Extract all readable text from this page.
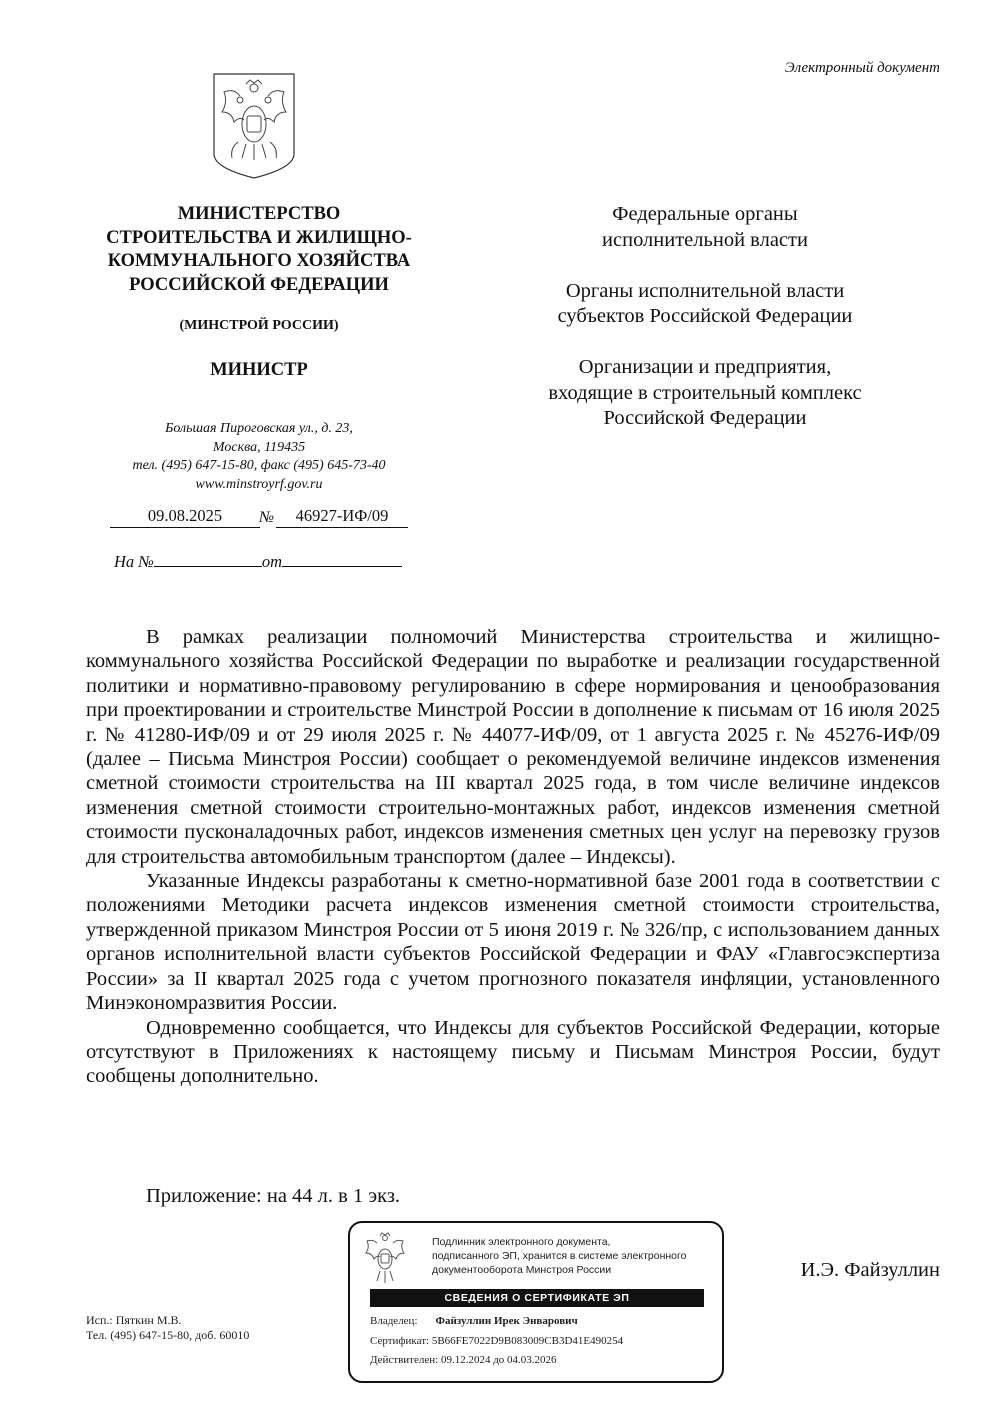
Электронный документ
МИНИСТЕРСТВО
СТРОИТЕЛЬСТВА И ЖИЛИЩНО-
КОММУНАЛЬНОГО ХОЗЯЙСТВА
РОССИЙСКОЙ ФЕДЕРАЦИИ
(МИНСТРОЙ РОССИИ)
МИНИСТР
Большая Пироговская ул., д. 23,
Москва, 119435
тел. (495) 647-15-80, факс (495) 645-73-40
www.minstroyrf.gov.ru
09.08.2025	№	46927-ИФ/09
На №	от
Федеральные органы
исполнительной власти
Органы исполнительной власти
субъектов Российской Федерации
Организации и предприятия,
входящие в строительный комплекс
Российской Федерации

В рамках реализации полномочий Министерства строительства и жилищно-коммунального хозяйства Российской Федерации по выработке и реализации государственной политики и нормативно-правовому регулированию в сфере нормирования и ценообразования при проектировании и строительстве Минстрой России в дополнение к письмам от 16 июля 2025 г. № 41280-ИФ/09 и от 29 июля 2025 г. № 44077-ИФ/09, от 1 августа 2025 г. № 45276-ИФ/09 (далее – Письма Минстроя России) сообщает о рекомендуемой величине индексов изменения сметной стоимости строительства на III квартал 2025 года, в том числе величине индексов изменения сметной стоимости строительно-монтажных работ, индексов изменения сметной стоимости пусконаладочных работ, индексов изменения сметных цен услуг на перевозку грузов для строительства автомобильным транспортом (далее – Индексы).

Указанные Индексы разработаны к сметно-нормативной базе 2001 года в соответствии с положениями Методики расчета индексов изменения сметной стоимости строительства, утвержденной приказом Минстроя России от 5 июня 2019 г. № 326/пр, с использованием данных органов исполнительной власти субъектов Российской Федерации и ФАУ «Главгосэкспертиза России» за II квартал 2025 года с учетом прогнозного показателя инфляции, установленного Минэкономразвития России.

Одновременно сообщается, что Индексы для субъектов Российской Федерации, которые отсутствуют в Приложениях к настоящему письму и Письмам Минстроя России, будут сообщены дополнительно.

Приложение: на 44 л. в 1 экз.
Подлинник электронного документа,
подписанного ЭП, хранится в системе электронного
документооборота Минстроя России
СВЕДЕНИЯ О СЕРТИФИКАТЕ ЭП
Владелец: Файзуллин Ирек Энварович
Сертификат: 5B66FE7022D9B083009CB3D41E490254
Действителен: 09.12.2024 до 04.03.2026
И.Э. Файзуллин
Исп.: Пяткин М.В.
Тел. (495) 647-15-80, доб. 60010
